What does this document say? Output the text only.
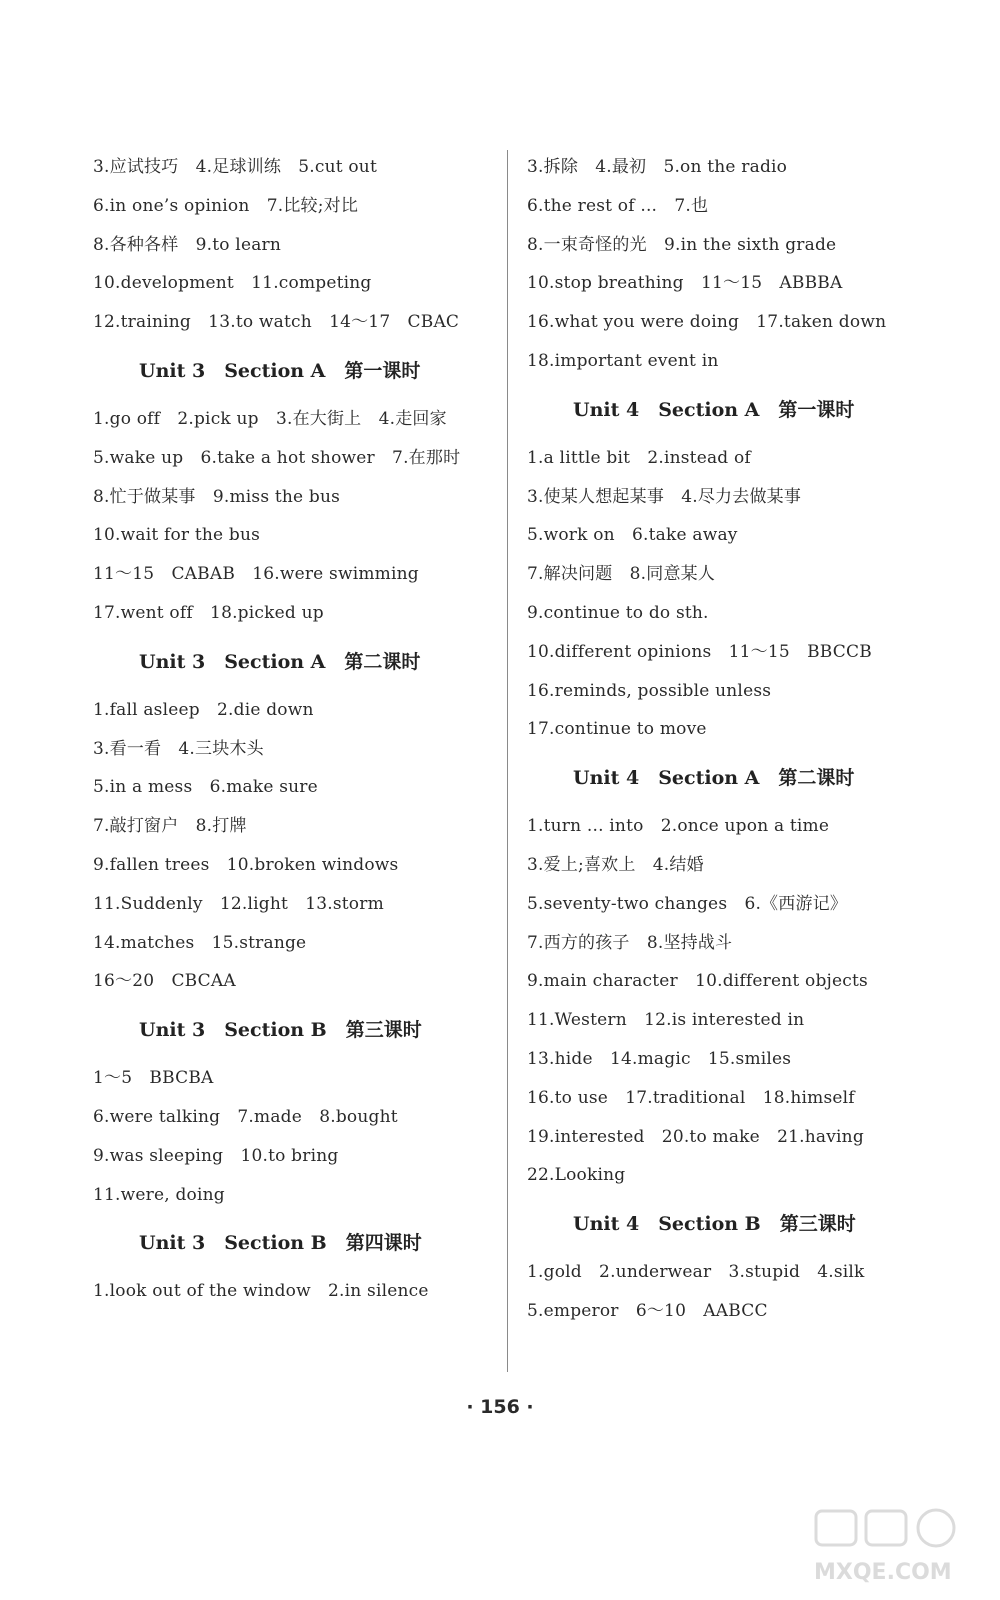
3.应试技巧　4.足球训练　5.cut out
6.in one’s opinion　7.比较;对比
8.各种各样　9.to learn
10.development　11.competing
12.training　13.to watch　14～17　CBAC
Unit 3　Section A　第一课时
1.go off　2.pick up　3.在大街上　4.走回家
5.wake up　6.take a hot shower　7.在那时
8.忙于做某事　9.miss the bus
10.wait for the bus
11～15　CABAB　16.were swimming
17.went off　18.picked up
Unit 3　Section A　第二课时
1.fall asleep　2.die down
3.看一看　4.三块木头
5.in a mess　6.make sure
7.敲打窗户　8.打牌
9.fallen trees　10.broken windows
11.Suddenly　12.light　13.storm
14.matches　15.strange
16～20　CBCAA
Unit 3　Section B　第三课时
1～5　BBCBA
6.were talking　7.made　8.bought
9.was sleeping　10.to bring
11.were, doing
Unit 3　Section B　第四课时
1.look out of the window　2.in silence
3.拆除　4.最初　5.on the radio
6.the rest of ...　7.也
8.一束奇怪的光　9.in the sixth grade
10.stop breathing　11～15　ABBBA
16.what you were doing　17.taken down
18.important event in
Unit 4　Section A　第一课时
1.a little bit　2.instead of
3.使某人想起某事　4.尽力去做某事
5.work on　6.take away
7.解决问题　8.同意某人
9.continue to do sth.
10.different opinions　11～15　BBCCB
16.reminds, possible unless
17.continue to move
Unit 4　Section A　第二课时
1.turn ... into　2.once upon a time
3.爱上;喜欢上　4.结婚
5.seventy-two changes　6.《西游记》
7.西方的孩子　8.坚持战斗
9.main character　10.different objects
11.Western　12.is interested in
13.hide　14.magic　15.smiles
16.to use　17.traditional　18.himself
19.interested　20.to make　21.having
22.Looking
Unit 4　Section B　第三课时
1.gold　2.underwear　3.stupid　4.silk
5.emperor　6～10　AABCC
· 156 ·
MXQE.COM
